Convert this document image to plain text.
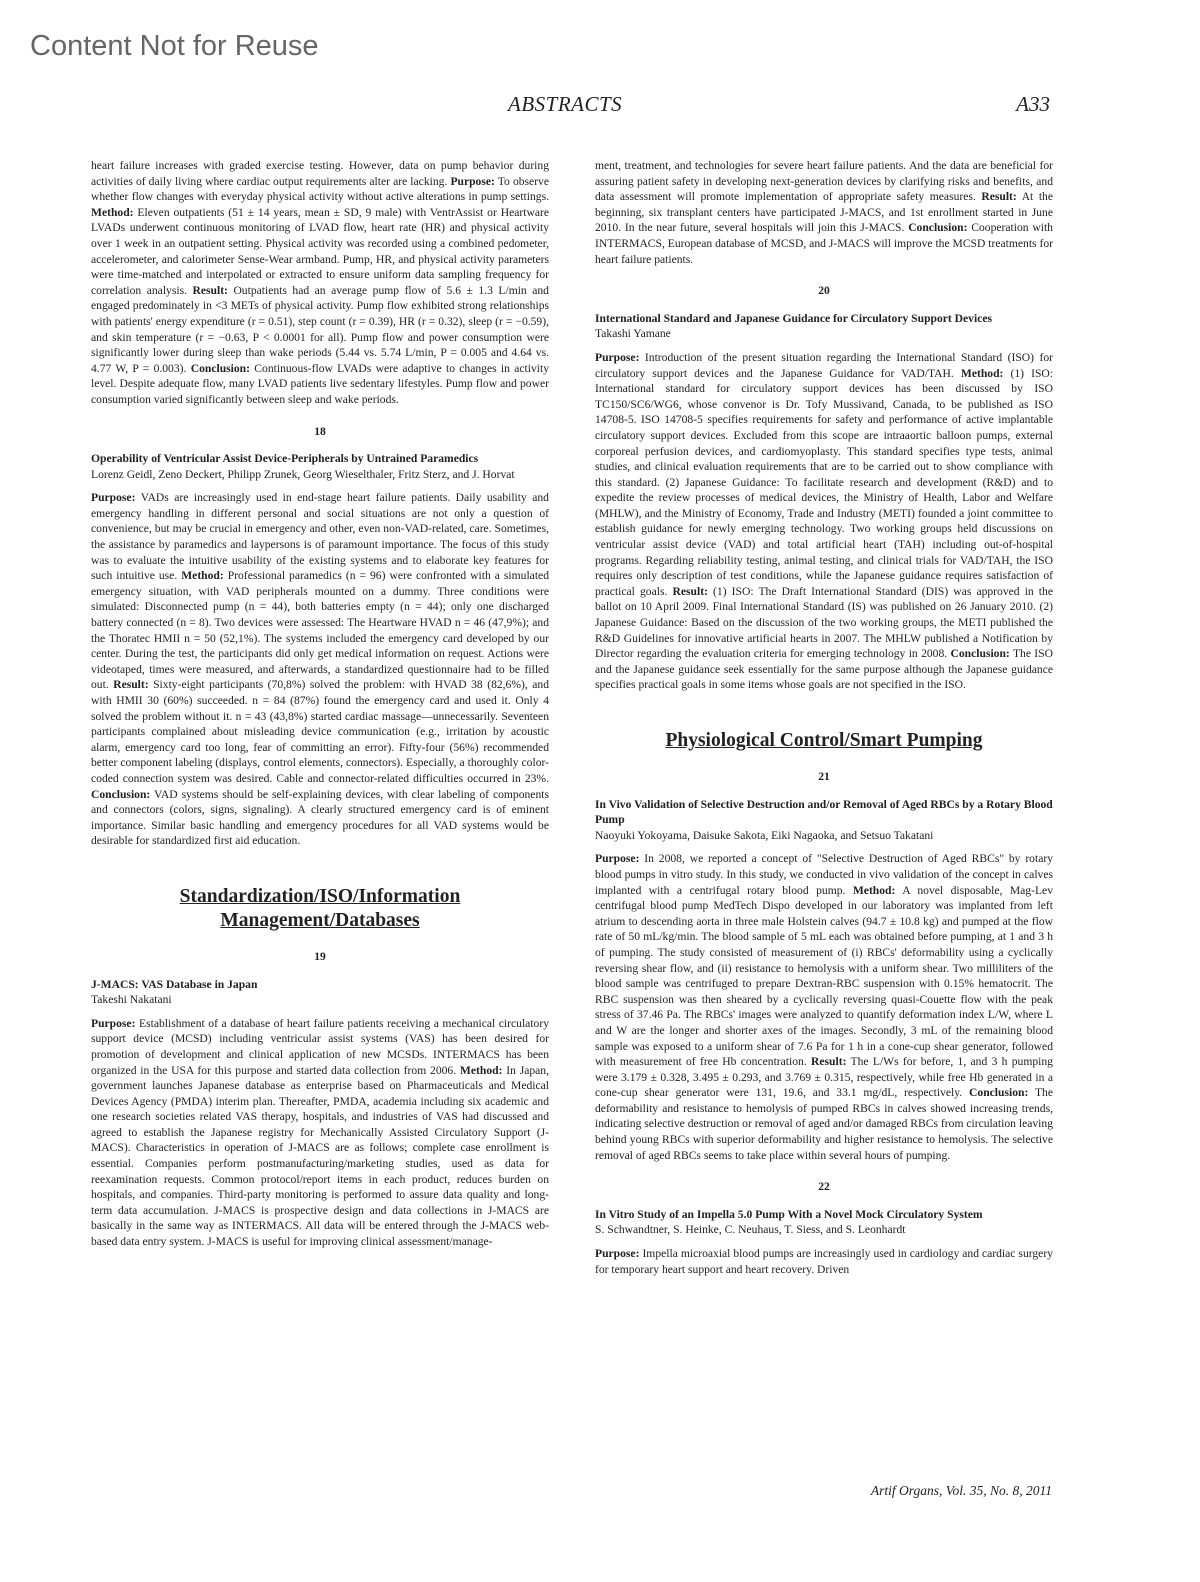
Content Not for Reuse
ABSTRACTS	A33

heart failure increases with graded exercise testing. However, data on pump behavior during activities of daily living where cardiac output requirements alter are lacking. Purpose: To observe whether flow changes with everyday physical activity without active alterations in pump settings. Method: Eleven outpatients (51 ± 14 years, mean ± SD, 9 male) with VentrAssist or Heartware LVADs underwent continuous monitoring of LVAD flow, heart rate (HR) and physical activity over 1 week in an outpatient setting. Physical activity was recorded using a combined pedometer, accelerometer, and calorimeter Sense-Wear armband. Pump, HR, and physical activity parameters were time-matched and interpolated or extracted to ensure uniform data sampling frequency for correlation analysis. Result: Outpatients had an average pump flow of 5.6 ± 1.3 L/min and engaged predominately in <3 METs of physical activity. Pump flow exhibited strong relationships with patients' energy expenditure (r = 0.51), step count (r = 0.39), HR (r = 0.32), sleep (r = −0.59), and skin temperature (r = −0.63, P < 0.0001 for all). Pump flow and power consumption were significantly lower during sleep than wake periods (5.44 vs. 5.74 L/min, P = 0.005 and 4.64 vs. 4.77 W, P = 0.003). Conclusion: Continuous-flow LVADs were adaptive to changes in activity level. Despite adequate flow, many LVAD patients live sedentary lifestyles. Pump flow and power consumption varied significantly between sleep and wake periods.

18
Operability of Ventricular Assist Device-Peripherals by Untrained Paramedics
Lorenz Geidl, Zeno Deckert, Philipp Zrunek, Georg Wieselthaler, Fritz Sterz, and J. Horvat

Purpose: VADs are increasingly used in end-stage heart failure patients. Daily usability and emergency handling in different personal and social situations are not only a question of convenience, but may be crucial in emergency and other, even non-VAD-related, care. Sometimes, the assistance by paramedics and laypersons is of paramount importance. The focus of this study was to evaluate the intuitive usability of the existing systems and to elaborate key features for such intuitive use. Method: Professional paramedics (n = 96) were confronted with a simulated emergency situation, with VAD peripherals mounted on a dummy. Three conditions were simulated: Disconnected pump (n = 44), both batteries empty (n = 44); only one discharged battery connected (n = 8). Two devices were assessed: The Heartware HVAD n = 46 (47,9%); and the Thoratec HMII n = 50 (52,1%). The systems included the emergency card developed by our center. During the test, the participants did only get medical information on request. Actions were videotaped, times were measured, and afterwards, a standardized questionnaire had to be filled out. Result: Sixty-eight participants (70,8%) solved the problem: with HVAD 38 (82,6%), and with HMII 30 (60%) succeeded. n = 84 (87%) found the emergency card and used it. Only 4 solved the problem without it. n = 43 (43,8%) started cardiac massage—unnecessarily. Seventeen participants complained about misleading device communication (e.g., irritation by acoustic alarm, emergency card too long, fear of committing an error). Fifty-four (56%) recommended better component labeling (displays, control elements, connectors). Especially, a thoroughly color-coded connection system was desired. Cable and connector-related difficulties occurred in 23%. Conclusion: VAD systems should be self-explaining devices, with clear labeling of components and connectors (colors, signs, signaling). A clearly structured emergency card is of eminent importance. Similar basic handling and emergency procedures for all VAD systems would be desirable for standardized first aid education.

Standardization/ISO/Information Management/Databases
19
J-MACS: VAS Database in Japan
Takeshi Nakatani

Purpose: Establishment of a database of heart failure patients receiving a mechanical circulatory support device (MCSD) including ventricular assist systems (VAS) has been desired for promotion of development and clinical application of new MCSDs. INTERMACS has been organized in the USA for this purpose and started data collection from 2006. Method: In Japan, government launches Japanese database as enterprise based on Pharmaceuticals and Medical Devices Agency (PMDA) interim plan. Thereafter, PMDA, academia including six academic and one research societies related VAS therapy, hospitals, and industries of VAS had discussed and agreed to establish the Japanese registry for Mechanically Assisted Circulatory Support (J-MACS). Characteristics in operation of J-MACS are as follows; complete case enrollment is essential. Companies perform postmanufacturing/marketing studies, used as data for reexamination requests. Common protocol/report items in each product, reduces burden on hospitals, and companies. Third-party monitoring is performed to assure data quality and long-term data accumulation. J-MACS is prospective design and data collections in J-MACS are basically in the same way as INTERMACS. All data will be entered through the J-MACS web-based data entry system. J-MACS is useful for improving clinical assessment/manage-

ment, treatment, and technologies for severe heart failure patients. And the data are beneficial for assuring patient safety in developing next-generation devices by clarifying risks and benefits, and data assessment will promote implementation of appropriate safety measures. Result: At the beginning, six transplant centers have participated J-MACS, and 1st enrollment started in June 2010. In the near future, several hospitals will join this J-MACS. Conclusion: Cooperation with INTERMACS, European database of MCSD, and J-MACS will improve the MCSD treatments for heart failure patients.

20
International Standard and Japanese Guidance for Circulatory Support Devices
Takashi Yamane

Purpose: Introduction of the present situation regarding the International Standard (ISO) for circulatory support devices and the Japanese Guidance for VAD/TAH. Method: (1) ISO: International standard for circulatory support devices has been discussed by ISO TC150/SC6/WG6, whose convenor is Dr. Tofy Mussivand, Canada, to be published as ISO 14708-5. ISO 14708-5 specifies requirements for safety and performance of active implantable circulatory support devices. Excluded from this scope are intraaortic balloon pumps, external corporeal perfusion devices, and cardiomyoplasty. This standard specifies type tests, animal studies, and clinical evaluation requirements that are to be carried out to show compliance with this standard. (2) Japanese Guidance: To facilitate research and development (R&D) and to expedite the review processes of medical devices, the Ministry of Health, Labor and Welfare (MHLW), and the Ministry of Economy, Trade and Industry (METI) founded a joint committee to establish guidance for newly emerging technology. Two working groups held discussions on ventricular assist device (VAD) and total artificial heart (TAH) including out-of-hospital programs. Regarding reliability testing, animal testing, and clinical trials for VAD/TAH, the ISO requires only description of test conditions, while the Japanese guidance requires satisfaction of practical goals. Result: (1) ISO: The Draft International Standard (DIS) was approved in the ballot on 10 April 2009. Final International Standard (IS) was published on 26 January 2010. (2) Japanese Guidance: Based on the discussion of the two working groups, the METI published the R&D Guidelines for innovative artificial hearts in 2007. The MHLW published a Notification by Director regarding the evaluation criteria for emerging technology in 2008. Conclusion: The ISO and the Japanese guidance seek essentially for the same purpose although the Japanese guidance specifies practical goals in some items whose goals are not specified in the ISO.

Physiological Control/Smart Pumping
21
In Vivo Validation of Selective Destruction and/or Removal of Aged RBCs by a Rotary Blood Pump
Naoyuki Yokoyama, Daisuke Sakota, Eiki Nagaoka, and Setsuo Takatani

Purpose: In 2008, we reported a concept of "Selective Destruction of Aged RBCs" by rotary blood pumps in vitro study. In this study, we conducted in vivo validation of the concept in calves implanted with a centrifugal rotary blood pump. Method: A novel disposable, Mag-Lev centrifugal blood pump MedTech Dispo developed in our laboratory was implanted from left atrium to descending aorta in three male Holstein calves (94.7 ± 10.8 kg) and pumped at the flow rate of 50 mL/kg/min. The blood sample of 5 mL each was obtained before pumping, at 1 and 3 h of pumping. The study consisted of measurement of (i) RBCs' deformability using a cyclically reversing shear flow, and (ii) resistance to hemolysis with a uniform shear. Two milliliters of the blood sample was centrifuged to prepare Dextran-RBC suspension with 0.15% hematocrit. The RBC suspension was then sheared by a cyclically reversing quasi-Couette flow with the peak stress of 37.46 Pa. The RBCs' images were analyzed to quantify deformation index L/W, where L and W are the longer and shorter axes of the images. Secondly, 3 mL of the remaining blood sample was exposed to a uniform shear of 7.6 Pa for 1 h in a cone-cup shear generator, followed with measurement of free Hb concentration. Result: The L/Ws for before, 1, and 3 h pumping were 3.179 ± 0.328, 3.495 ± 0.293, and 3.769 ± 0.315, respectively, while free Hb generated in a cone-cup shear generator were 131, 19.6, and 33.1 mg/dL, respectively. Conclusion: The deformability and resistance to hemolysis of pumped RBCs in calves showed increasing trends, indicating selective destruction or removal of aged and/or damaged RBCs from circulation leaving behind young RBCs with superior deformability and higher resistance to hemolysis. The selective removal of aged RBCs seems to take place within several hours of pumping.

22
In Vitro Study of an Impella 5.0 Pump With a Novel Mock Circulatory System
S. Schwandtner, S. Heinke, C. Neuhaus, T. Siess, and S. Leonhardt

Purpose: Impella microaxial blood pumps are increasingly used in cardiology and cardiac surgery for temporary heart support and heart recovery. Driven

Artif Organs, Vol. 35, No. 8, 2011
